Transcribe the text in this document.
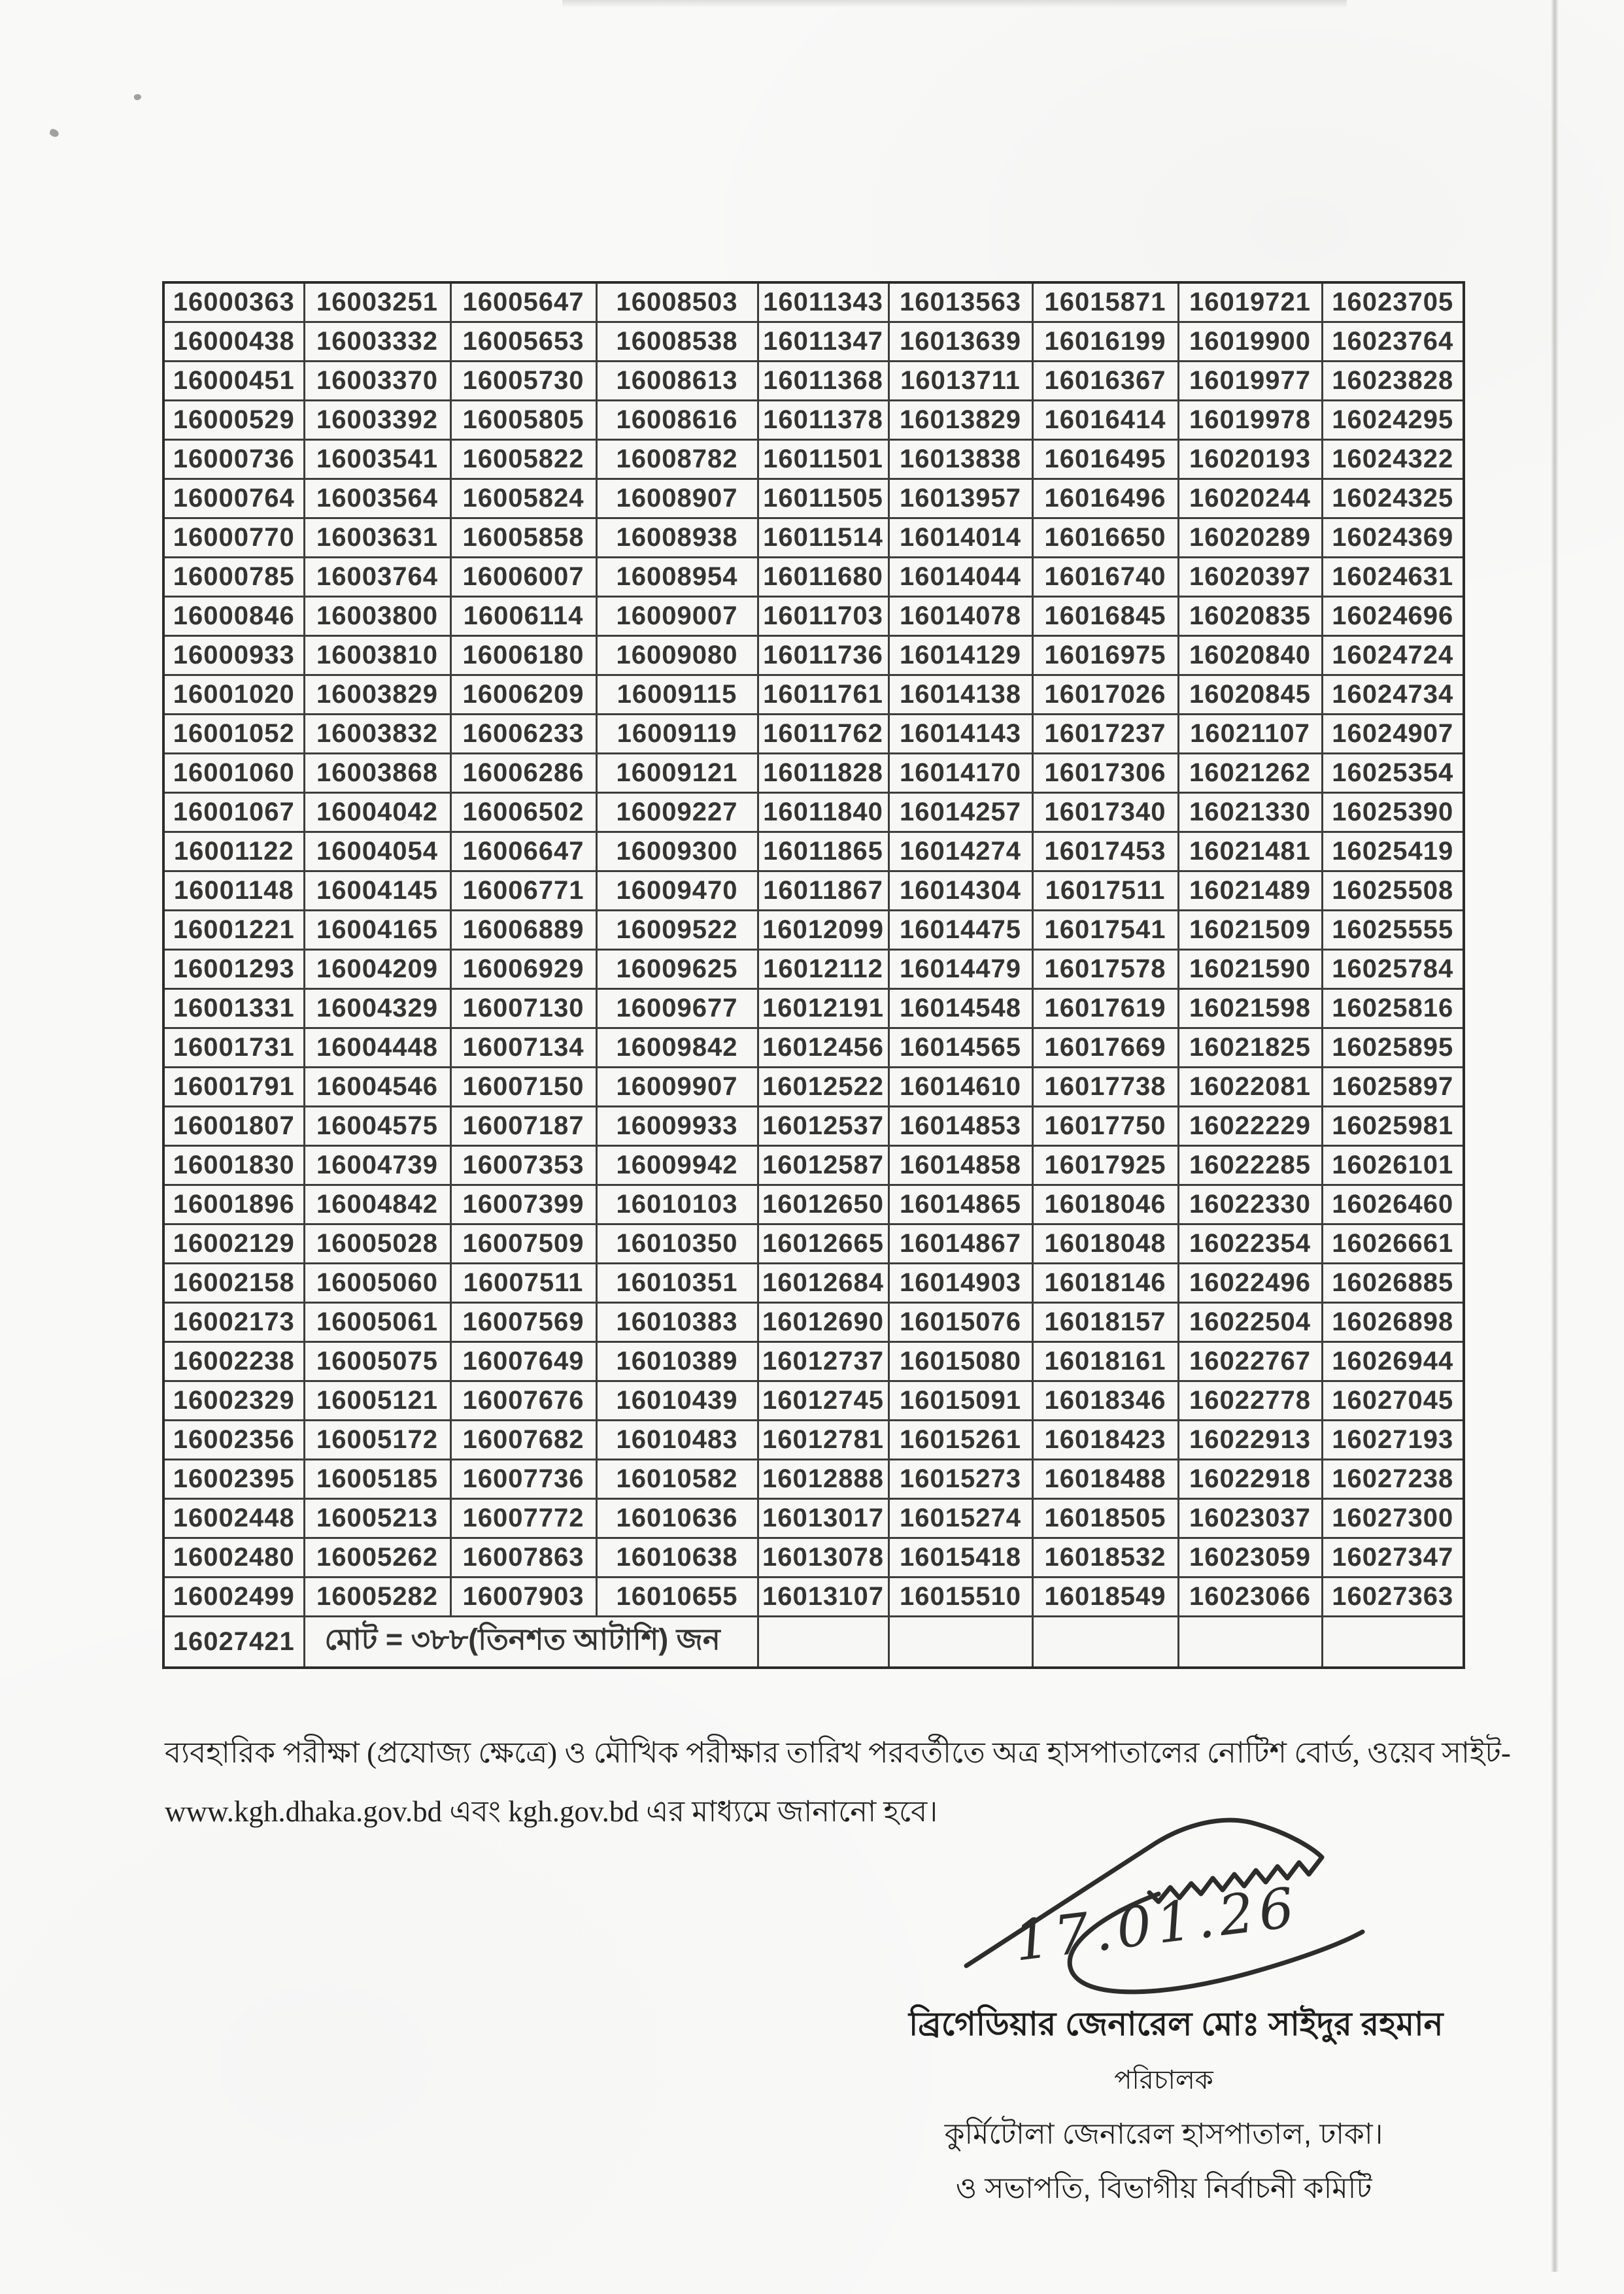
16000363	16003251	16005647	16008503	16011343	16013563	16015871	16019721	16023705
16000438	16003332	16005653	16008538	16011347	16013639	16016199	16019900	16023764
16000451	16003370	16005730	16008613	16011368	16013711	16016367	16019977	16023828
16000529	16003392	16005805	16008616	16011378	16013829	16016414	16019978	16024295
16000736	16003541	16005822	16008782	16011501	16013838	16016495	16020193	16024322
16000764	16003564	16005824	16008907	16011505	16013957	16016496	16020244	16024325
16000770	16003631	16005858	16008938	16011514	16014014	16016650	16020289	16024369
16000785	16003764	16006007	16008954	16011680	16014044	16016740	16020397	16024631
16000846	16003800	16006114	16009007	16011703	16014078	16016845	16020835	16024696
16000933	16003810	16006180	16009080	16011736	16014129	16016975	16020840	16024724
16001020	16003829	16006209	16009115	16011761	16014138	16017026	16020845	16024734
16001052	16003832	16006233	16009119	16011762	16014143	16017237	16021107	16024907
16001060	16003868	16006286	16009121	16011828	16014170	16017306	16021262	16025354
16001067	16004042	16006502	16009227	16011840	16014257	16017340	16021330	16025390
16001122	16004054	16006647	16009300	16011865	16014274	16017453	16021481	16025419
16001148	16004145	16006771	16009470	16011867	16014304	16017511	16021489	16025508
16001221	16004165	16006889	16009522	16012099	16014475	16017541	16021509	16025555
16001293	16004209	16006929	16009625	16012112	16014479	16017578	16021590	16025784
16001331	16004329	16007130	16009677	16012191	16014548	16017619	16021598	16025816
16001731	16004448	16007134	16009842	16012456	16014565	16017669	16021825	16025895
16001791	16004546	16007150	16009907	16012522	16014610	16017738	16022081	16025897
16001807	16004575	16007187	16009933	16012537	16014853	16017750	16022229	16025981
16001830	16004739	16007353	16009942	16012587	16014858	16017925	16022285	16026101
16001896	16004842	16007399	16010103	16012650	16014865	16018046	16022330	16026460
16002129	16005028	16007509	16010350	16012665	16014867	16018048	16022354	16026661
16002158	16005060	16007511	16010351	16012684	16014903	16018146	16022496	16026885
16002173	16005061	16007569	16010383	16012690	16015076	16018157	16022504	16026898
16002238	16005075	16007649	16010389	16012737	16015080	16018161	16022767	16026944
16002329	16005121	16007676	16010439	16012745	16015091	16018346	16022778	16027045
16002356	16005172	16007682	16010483	16012781	16015261	16018423	16022913	16027193
16002395	16005185	16007736	16010582	16012888	16015273	16018488	16022918	16027238
16002448	16005213	16007772	16010636	16013017	16015274	16018505	16023037	16027300
16002480	16005262	16007863	16010638	16013078	16015418	16018532	16023059	16027347
16002499	16005282	16007903	16010655	16013107	16015510	16018549	16023066	16027363
16027421	মোট = ৩৮৮(তিনশত আটাশি) জন							
ব্যবহারিক পরীক্ষা (প্রযোজ্য ক্ষেত্রে) ও মৌখিক পরীক্ষার তারিখ পরবর্তীতে অত্র হাসপাতালের নোটিশ বোর্ড, ওয়েব সাইট-
www.kgh.dhaka.gov.bd এবং kgh.gov.bd এর মাধ্যমে জানানো হবে।
17.01.26
ব্রিগেডিয়ার জেনারেল মোঃ সাইদুর রহমান
পরিচালক
কুর্মিটোলা জেনারেল হাসপাতাল, ঢাকা।
ও সভাপতি, বিভাগীয় নির্বাচনী কমিটি
